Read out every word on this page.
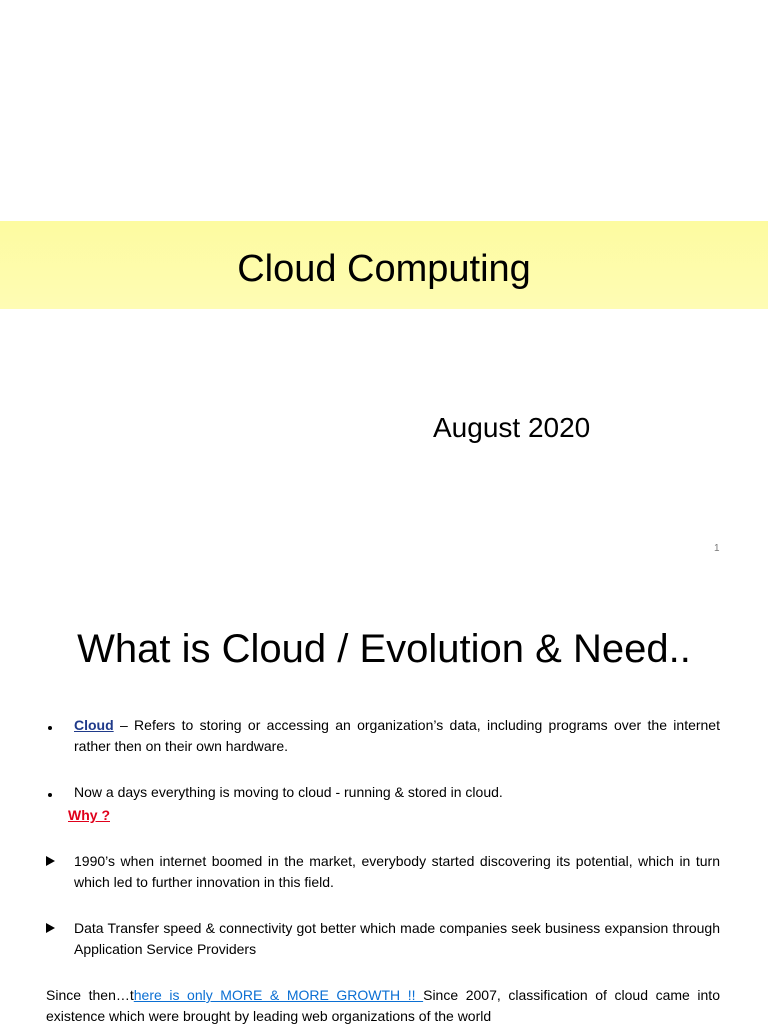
Cloud Computing
August 2020
1
What is Cloud / Evolution & Need..
Cloud – Refers to storing or accessing an organization’s data, including programs over the internet rather then on their own hardware.
Now a days everything is moving to cloud - running & stored in cloud.
Why ?
1990’s when internet boomed in the market, everybody started discovering its potential, which in turn which led to further innovation in this field.
Data Transfer speed & connectivity got better which made companies seek business expansion through Application Service Providers
Since then…there is only MORE & MORE GROWTH !! Since 2007, classification of cloud came into existence which were brought by leading web organizations of the world
